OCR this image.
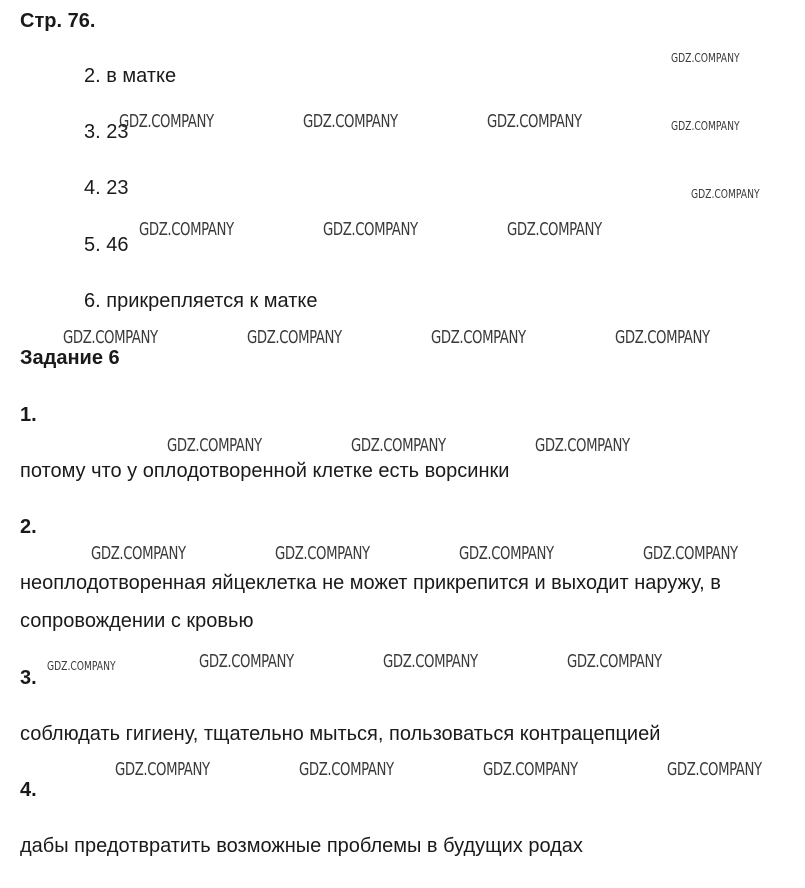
Стр. 76.
2. в матке
3. 23
4. 23
5. 46
6. прикрепляется к матке
Задание 6
1.
потому что у оплодотворенной клетке есть ворсинки
2.
неоплодотворенная яйцеклетка не может прикрепится и выходит наружу, в
сопровождении с кровью
3.
соблюдать гигиену, тщательно мыться, пользоваться контрацепцией
4.
дабы предотвратить возможные проблемы в будущих родах
GDZ.COMPANY	GDZ.COMPANY	GDZ.COMPANY
GDZ.COMPANY	GDZ.COMPANY	GDZ.COMPANY
GDZ.COMPANY	GDZ.COMPANY	GDZ.COMPANY	GDZ.COMPANY
GDZ.COMPANY	GDZ.COMPANY	GDZ.COMPANY
GDZ.COMPANY	GDZ.COMPANY	GDZ.COMPANY	GDZ.COMPANY
GDZ.COMPANY	GDZ.COMPANY	GDZ.COMPANY
GDZ.COMPANY	GDZ.COMPANY	GDZ.COMPANY	GDZ.COMPANY
GDZ.COMPANY
GDZ.COMPANY
GDZ.COMPANY
GDZ.COMPANY
